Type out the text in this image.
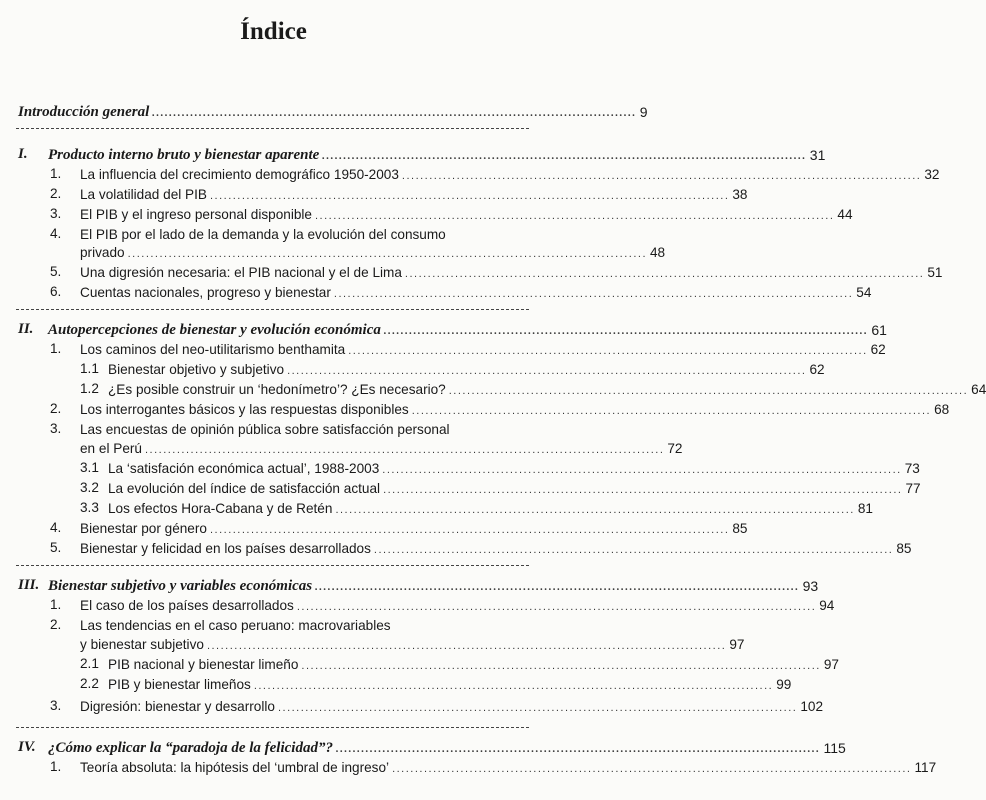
Índice
Introducción general .................................................................................................................. 9
I. Producto interno bruto y bienestar aparente .................................................................................................................. 31
1. La influencia del crecimiento demográfico 1950-2003 .................................................................................................................. 32
2. La volatilidad del PIB .................................................................................................................. 38
3. El PIB y el ingreso personal disponible .................................................................................................................. 44
4. El PIB por el lado de la demanda y la evolución del consumo
privado .................................................................................................................. 48
5. Una digresión necesaria: el PIB nacional y el de Lima .................................................................................................................. 51
6. Cuentas nacionales, progreso y bienestar .................................................................................................................. 54
II. Autopercepciones de bienestar y evolución económica .................................................................................................................. 61
1. Los caminos del neo-utilitarismo benthamita .................................................................................................................. 62
1.1 Bienestar objetivo y subjetivo .................................................................................................................. 62
1.2 ¿Es posible construir un ‘hedonímetro’? ¿Es necesario? .................................................................................................................. 64
2. Los interrogantes básicos y las respuestas disponibles .................................................................................................................. 68
3. Las encuestas de opinión pública sobre satisfacción personal
en el Perú .................................................................................................................. 72
3.1 La ‘satisfación económica actual’, 1988-2003 .................................................................................................................. 73
3.2 La evolución del índice de satisfacción actual .................................................................................................................. 77
3.3 Los efectos Hora-Cabana y de Retén .................................................................................................................. 81
4. Bienestar por género .................................................................................................................. 85
5. Bienestar y felicidad en los países desarrollados .................................................................................................................. 85
III. Bienestar subjetivo y variables económicas .................................................................................................................. 93
1. El caso de los países desarrollados .................................................................................................................. 94
2. Las tendencias en el caso peruano: macrovariables
y bienestar subjetivo .................................................................................................................. 97
2.1 PIB nacional y bienestar limeño .................................................................................................................. 97
2.2 PIB y bienestar limeños .................................................................................................................. 99
3. Digresión: bienestar y desarrollo .................................................................................................................. 102
IV. ¿Cómo explicar la “paradoja de la felicidad”? .................................................................................................................. 115
1. Teoría absoluta: la hipótesis del ‘umbral de ingreso’ .................................................................................................................. 117
